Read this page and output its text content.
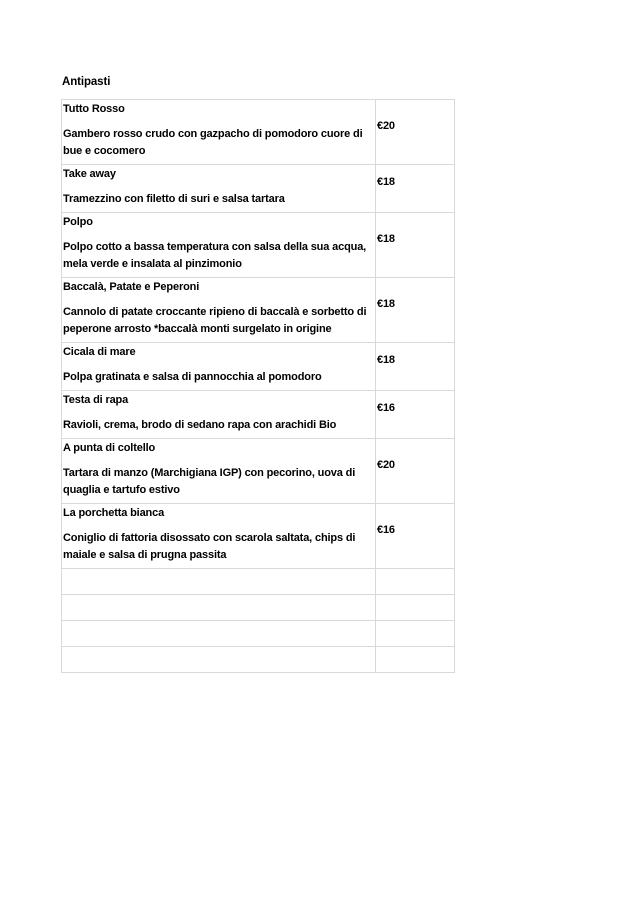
Antipasti
Tutto Rosso
Gambero rosso crudo con gazpacho di pomodoro cuore di bue e cocomero	€20

Take away
Tramezzino con filetto di suri e salsa tartara	€18

Polpo
Polpo cotto a bassa temperatura con salsa della sua acqua, mela verde e insalata al pinzimonio	€18

Baccalà, Patate e Peperoni
Cannolo di patate croccante ripieno di baccalà e sorbetto di peperone arrosto *baccalà monti surgelato in origine	€18

Cicala di mare
Polpa gratinata e salsa di pannocchia al pomodoro	€18

Testa di rapa
Ravioli, crema, brodo di sedano rapa con arachidi Bio	€16

A punta di coltello
Tartara di manzo (Marchigiana IGP) con pecorino, uova di quaglia e tartufo estivo	€20

La porchetta bianca
Coniglio di fattoria disossato con scarola saltata, chips di maiale e salsa di prugna passita	€16
